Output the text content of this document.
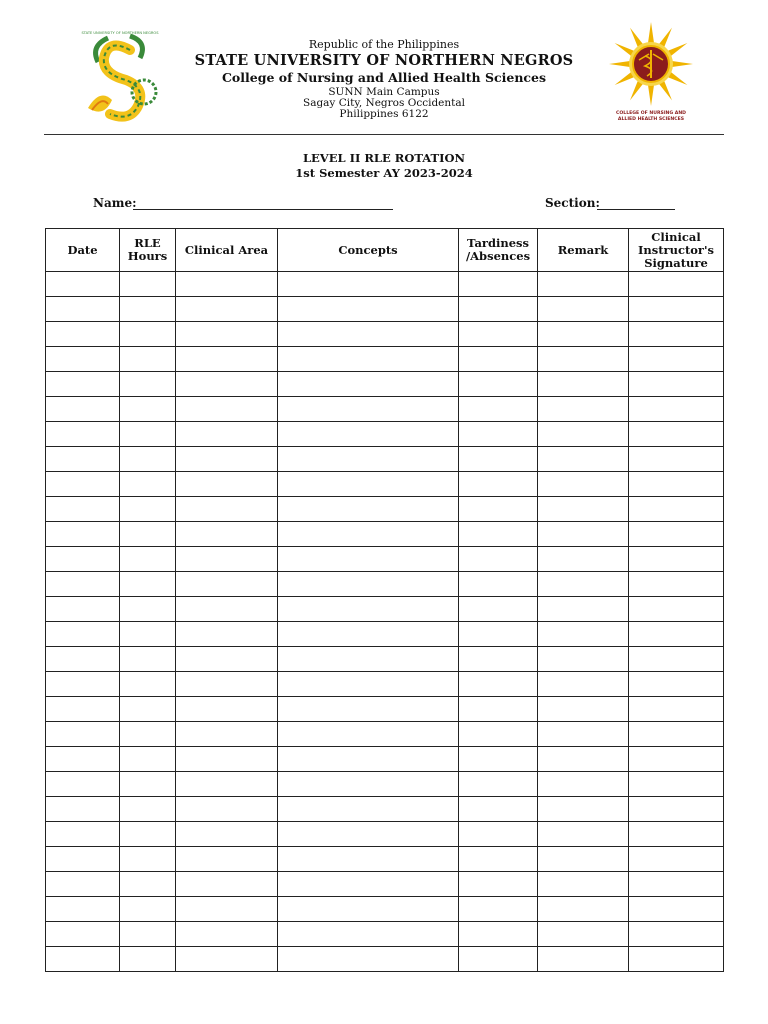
STATE UNIVERSITY OF NORTHERN NEGROS
COLLEGE OF NURSING AND
ALLIED HEALTH SCIENCES
Republic of the Philippines
STATE UNIVERSITY OF NORTHERN NEGROS
College of Nursing and Allied Health Sciences
SUNN Main Campus
Sagay City, Negros Occidental
Philippines 6122
LEVEL II RLE ROTATION
1st Semester AY 2023-2024
Name:	Section:
Date	RLE Hours	Clinical Area	Concepts	Tardiness /Absences	Remark	Clinical Instructor's Signature
